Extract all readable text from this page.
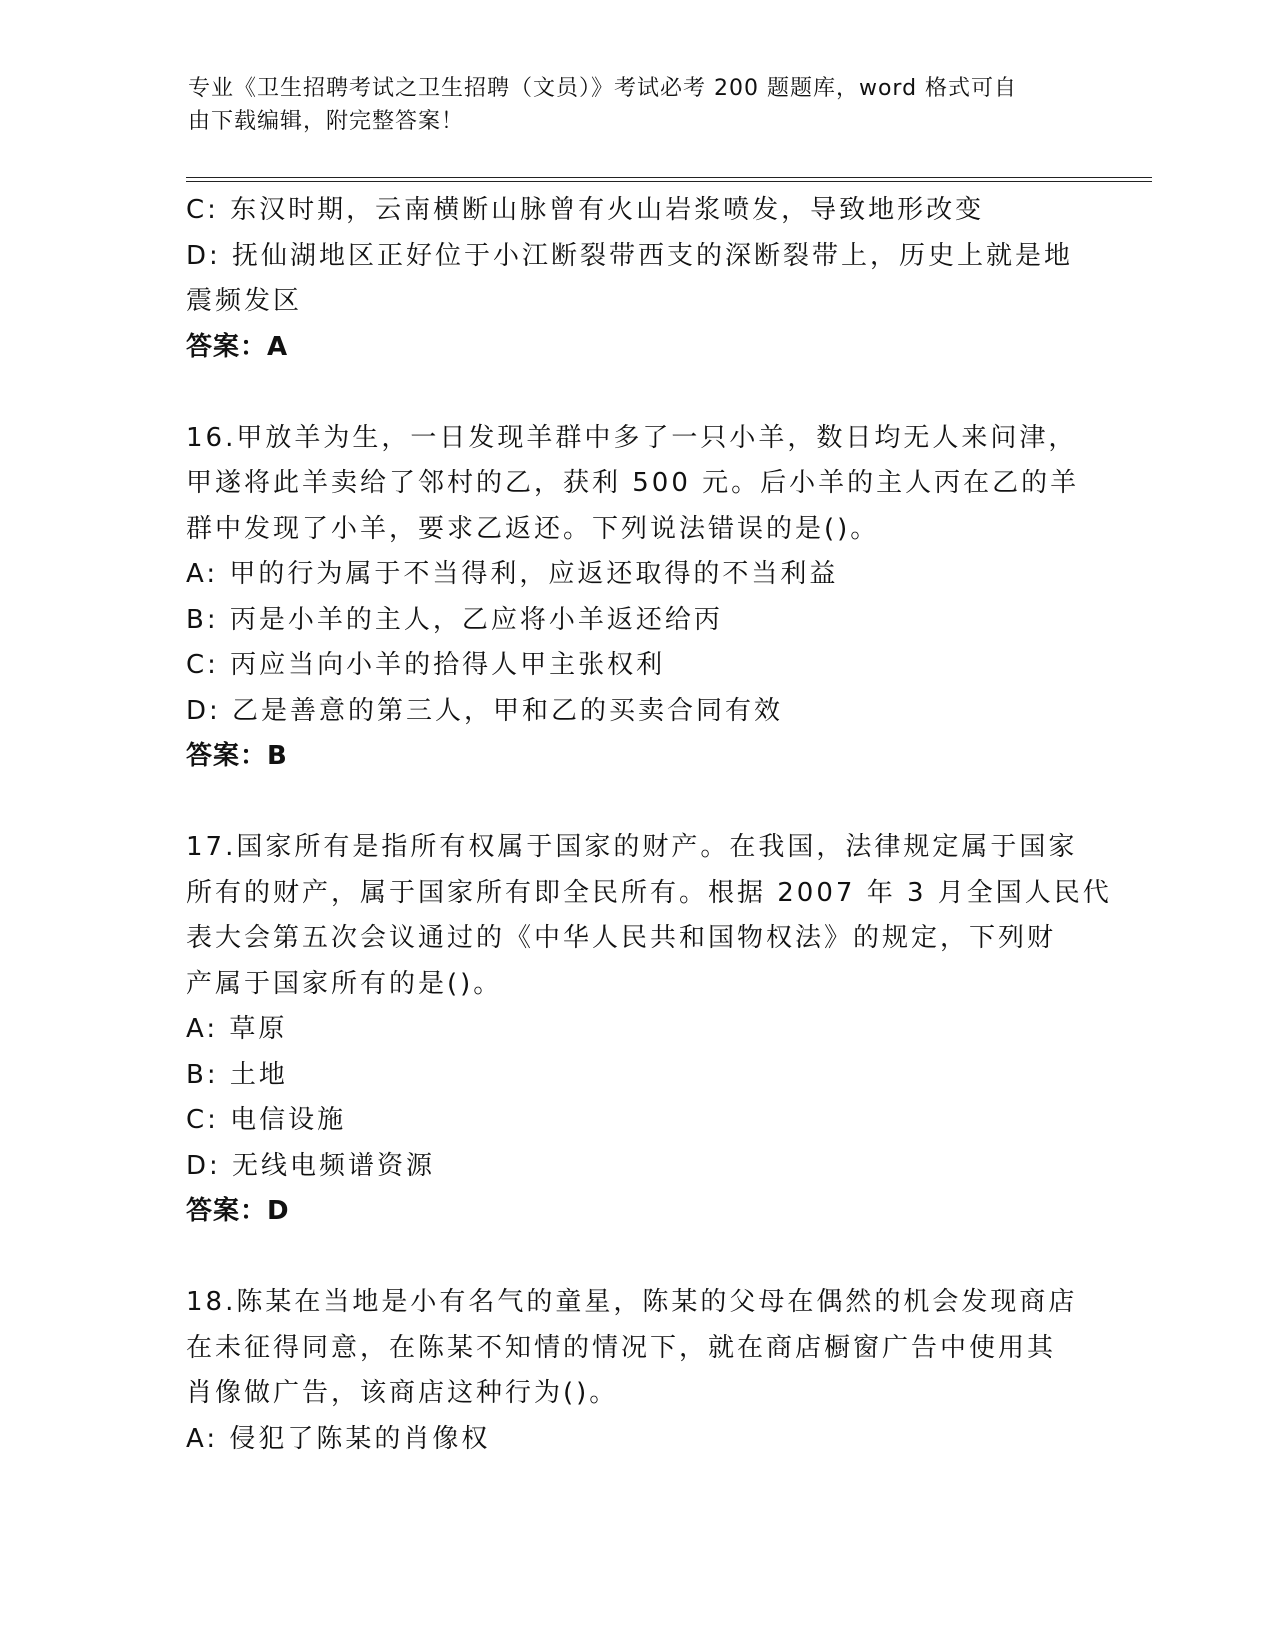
专业《卫生招聘考试之卫生招聘（文员）》考试必考 200 题题库，word 格式可自
由下载编辑，附完整答案！
C: 东汉时期，云南横断山脉曾有火山岩浆喷发，导致地形改变
D: 抚仙湖地区正好位于小江断裂带西支的深断裂带上，历史上就是地
震频发区
答案：A
16.甲放羊为生，一日发现羊群中多了一只小羊，数日均无人来问津，
甲遂将此羊卖给了邻村的乙，获利 500 元。后小羊的主人丙在乙的羊
群中发现了小羊，要求乙返还。下列说法错误的是()。
A: 甲的行为属于不当得利，应返还取得的不当利益
B: 丙是小羊的主人，乙应将小羊返还给丙
C: 丙应当向小羊的拾得人甲主张权利
D: 乙是善意的第三人，甲和乙的买卖合同有效
答案：B
17.国家所有是指所有权属于国家的财产。在我国，法律规定属于国家
所有的财产，属于国家所有即全民所有。根据 2007 年 3 月全国人民代
表大会第五次会议通过的《中华人民共和国物权法》的规定，下列财
产属于国家所有的是()。
A: 草原
B: 土地
C: 电信设施
D: 无线电频谱资源
答案：D
18.陈某在当地是小有名气的童星，陈某的父母在偶然的机会发现商店
在未征得同意，在陈某不知情的情况下，就在商店橱窗广告中使用其
肖像做广告，该商店这种行为()。
A: 侵犯了陈某的肖像权
